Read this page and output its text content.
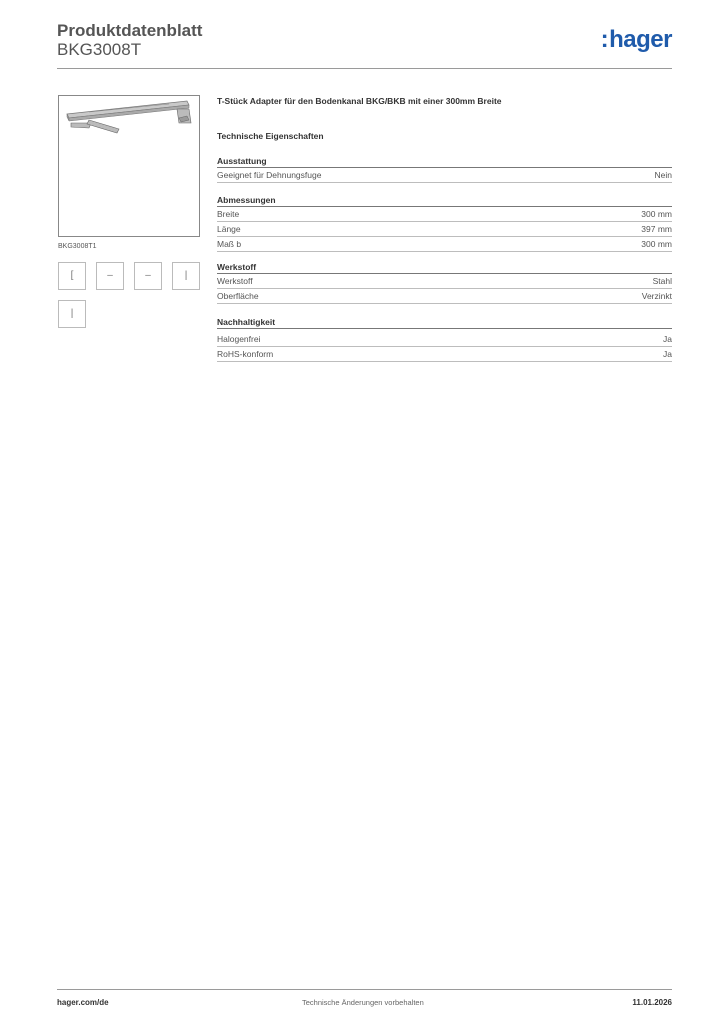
Produktdatenblatt
BKG3008T	:hager
BKG3008T1
[	–	–	|
|
T-Stück Adapter für den Bodenkanal BKG/BKB mit einer 300mm Breite
Technische Eigenschaften
Ausstattung
Geeignet für Dehnungsfuge	Nein
Abmessungen
Breite	300 mm
Länge	397 mm
Maß b	300 mm
Werkstoff
Werkstoff	Stahl
Oberfläche	Verzinkt
Nachhaltigkeit
Halogenfrei	Ja
RoHS-konform	Ja
hager.com/de	Technische Änderungen vorbehalten	11.01.2026
